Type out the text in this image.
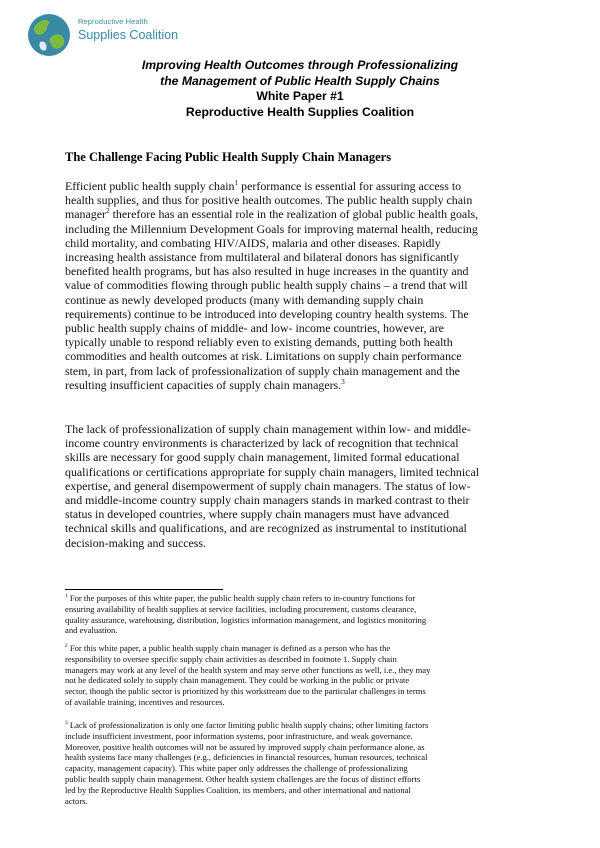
Reproductive Health
Supplies Coalition
Improving Health Outcomes through Professionalizing
the Management of Public Health Supply Chains
White Paper #1
Reproductive Health Supplies Coalition
The Challenge Facing Public Health Supply Chain Managers
Efficient public health supply chain$^1$ performance is essential for assuring access to
health supplies, and thus for positive health outcomes. The public health supply chain
manager$^2$ therefore has an essential role in the realization of global public health goals,
including the Millennium Development Goals for improving maternal health, reducing
child mortality, and combating HIV/AIDS, malaria and other diseases. Rapidly
increasing health assistance from multilateral and bilateral donors has significantly
benefited health programs, but has also resulted in huge increases in the quantity and
value of commodities flowing through public health supply chains – a trend that will
continue as newly developed products (many with demanding supply chain
requirements) continue to be introduced into developing country health systems. The
public health supply chains of middle- and low- income countries, however, are
typically unable to respond reliably even to existing demands, putting both health
commodities and health outcomes at risk. Limitations on supply chain performance
stem, in part, from lack of professionalization of supply chain management and the
resulting insufficient capacities of supply chain managers.$^3$
The lack of professionalization of supply chain management within low- and middle-
income country environments is characterized by lack of recognition that technical
skills are necessary for good supply chain management, limited formal educational
qualifications or certifications appropriate for supply chain managers, limited technical
expertise, and general disempowerment of supply chain managers. The status of low-
and middle-income country supply chain managers stands in marked contrast to their
status in developed countries, where supply chain managers must have advanced
technical skills and qualifications, and are recognized as instrumental to institutional
decision-making and success.
$^1$ For the purposes of this white paper, the public health supply chain refers to in-country functions for
ensuring availability of health supplies at service facilities, including procurement, customs clearance,
quality assurance, warehousing, distribution, logistics information management, and logistics monitoring
and evaluation.
$^2$ For this white paper, a public health supply chain manager is defined as a person who has the
responsibility to oversee specific supply chain activities as described in footnote 1. Supply chain
managers may work at any level of the health system and may serve other functions as well, i.e., they may
not be dedicated solely to supply chain management. They could be working in the public or private
sector, though the public sector is prioritized by this workstream due to the particular challenges in terms
of available training, incentives and resources.
$^3$ Lack of professionalization is only one factor limiting public health supply chains; other limiting factors
include insufficient investment, poor information systems, poor infrastructure, and weak governance.
Moreover, positive health outcomes will not be assured by improved supply chain performance alone, as
health systems face many challenges (e.g., deficiencies in financial resources, human resources, technical
capacity, management capacity). This white paper only addresses the challenge of professionalizing
public health supply chain management. Other health system challenges are the focus of distinct efforts
led by the Reproductive Health Supplies Coalition, its members, and other international and national
actors.
